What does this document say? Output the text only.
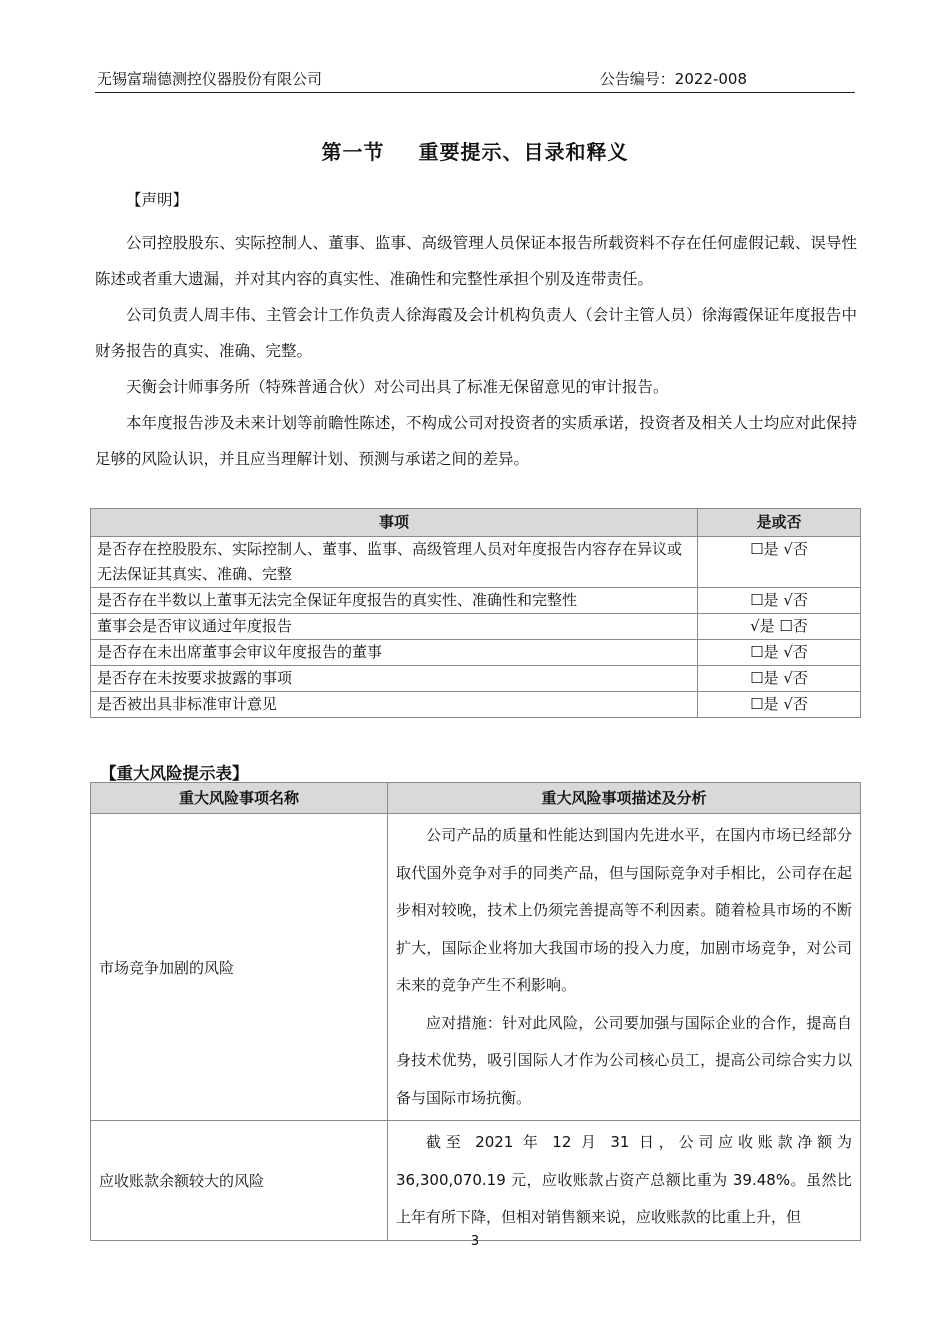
无锡富瑞德测控仪器股份有限公司	公告编号：2022-008
第一节 重要提示、目录和释义
【声明】

公司控股股东、实际控制人、董事、监事、高级管理人员保证本报告所载资料不存在任何虚假记载、误导性陈述或者重大遗漏，并对其内容的真实性、准确性和完整性承担个别及连带责任。

公司负责人周丰伟、主管会计工作负责人徐海霞及会计机构负责人（会计主管人员）徐海霞保证年度报告中财务报告的真实、准确、完整。

天衡会计师事务所（特殊普通合伙）对公司出具了标准无保留意见的审计报告。

本年度报告涉及未来计划等前瞻性陈述，不构成公司对投资者的实质承诺，投资者及相关人士均应对此保持足够的风险认识，并且应当理解计划、预测与承诺之间的差异。

事项	是或否
是否存在控股股东、实际控制人、董事、监事、高级管理人员对年度报告内容存在异议或无法保证其真实、准确、完整	☐是 √否
是否存在半数以上董事无法完全保证年度报告的真实性、准确性和完整性	☐是 √否
董事会是否审议通过年度报告	√是 ☐否
是否存在未出席董事会审议年度报告的董事	☐是 √否
是否存在未按要求披露的事项	☐是 √否
是否被出具非标准审计意见	☐是 √否
【重大风险提示表】
重大风险事项名称	重大风险事项描述及分析
市场竞争加剧的风险	公司产品的质量和性能达到国内先进水平，在国内市场已经部分取代国外竞争对手的同类产品，但与国际竞争对手相比，公司存在起步相对较晚，技术上仍须完善提高等不利因素。随着检具市场的不断扩大，国际企业将加大我国市场的投入力度，加剧市场竞争，对公司未来的竞争产生不利影响。

应对措施：针对此风险，公司要加强与国际企业的合作，提高自身技术优势，吸引国际人才作为公司核心员工，提高公司综合实力以备与国际市场抗衡。

应收账款余额较大的风险	截至 2021 年 12 月 31 日，公司应收账款净额为

36,300,070.19 元，应收账款占资产总额比重为 39.48%。虽然比上年有所下降，但相对销售额来说，应收账款的比重上升，但

3
